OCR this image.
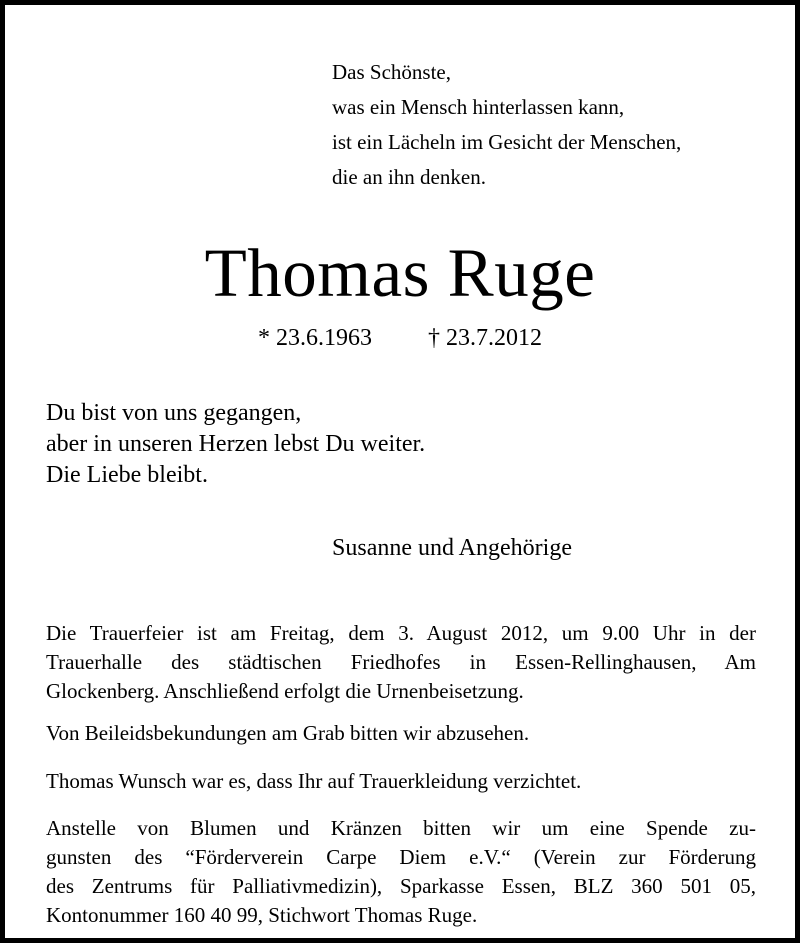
Das Schönste,
was ein Mensch hinterlassen kann,
ist ein Lächeln im Gesicht der Menschen,
die an ihn denken.
Thomas Ruge
* 23.6.1963 † 23.7.2012
Du bist von uns gegangen,
aber in unseren Herzen lebst Du weiter.
Die Liebe bleibt.
Susanne und Angehörige
Die Trauerfeier ist am Freitag, dem 3. August 2012, um 9.00 Uhr in der
Trauerhalle des städtischen Friedhofes in Essen-Rellinghausen, Am
Glockenberg. Anschließend erfolgt die Urnenbeisetzung.
Von Beileidsbekundungen am Grab bitten wir abzusehen.
Thomas Wunsch war es, dass Ihr auf Trauerkleidung verzichtet.
Anstelle von Blumen und Kränzen bitten wir um eine Spende zu-
gunsten des “Förderverein Carpe Diem e.V.“ (Verein zur Förderung
des Zentrums für Palliativmedizin), Sparkasse Essen, BLZ 360 501 05,
Kontonummer 160 40 99, Stichwort Thomas Ruge.
